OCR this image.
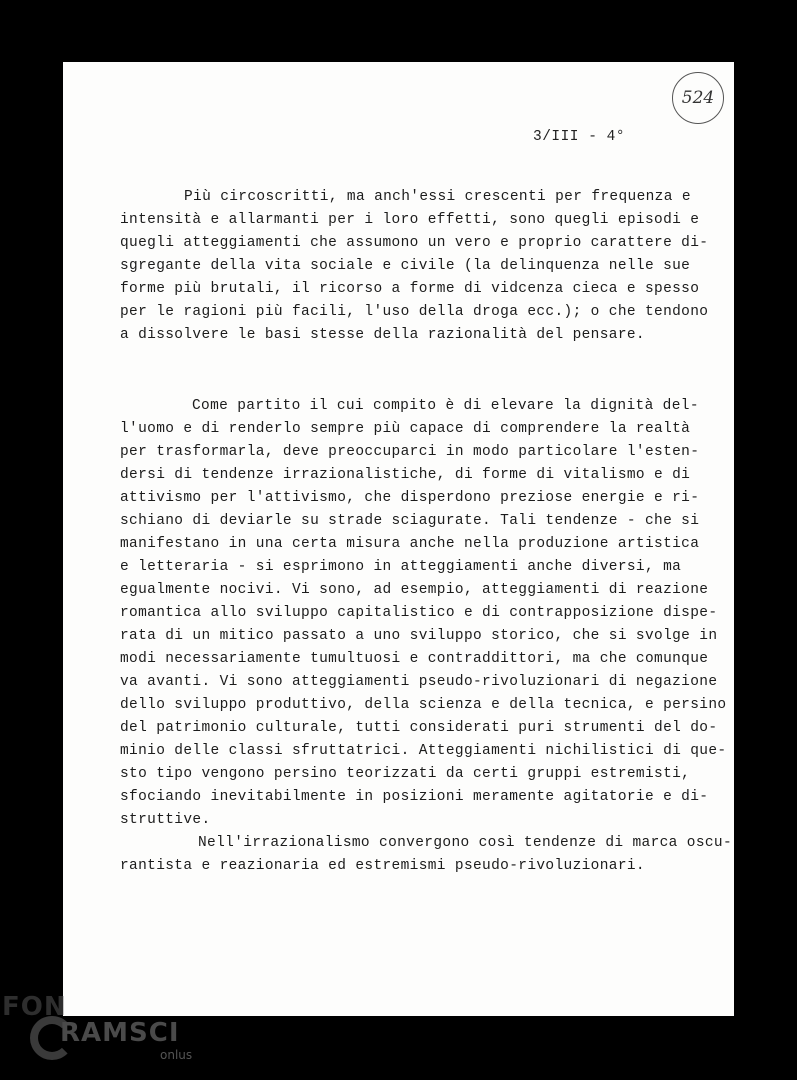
524
3/III - 4°
Più circoscritti, ma anch'essi crescenti per frequenza e
intensità e allarmanti per i loro effetti, sono quegli episodi e
quegli atteggiamenti che assumono un vero e proprio carattere di-
sgregante della vita sociale e civile (la delinquenza nelle sue
forme più brutali, il ricorso a forme di vidcenza cieca e spesso
per le ragioni più facili, l'uso della droga ecc.); o che tendono
a dissolvere le basi stesse della razionalità del pensare.
Come partito il cui compito è di elevare la dignità del-
l'uomo e di renderlo sempre più capace di comprendere la realtà
per trasformarla, deve preoccuparci in modo particolare l'esten-
dersi di tendenze irrazionalistiche, di forme di vitalismo e di
attivismo per l'attivismo, che disperdono preziose energie e ri-
schiano di deviarle su strade sciagurate. Tali tendenze - che si
manifestano in una certa misura anche nella produzione artistica
e letteraria - si esprimono in atteggiamenti anche diversi, ma
egualmente nocivi. Vi sono, ad esempio, atteggiamenti di reazione
romantica allo sviluppo capitalistico e di contrapposizione dispe-
rata di un mitico passato a uno sviluppo storico, che si svolge in
modi necessariamente tumultuosi e contraddittori, ma che comunque
va avanti. Vi sono atteggiamenti pseudo-rivoluzionari di negazione
dello sviluppo produttivo, della scienza e della tecnica, e persino
del patrimonio culturale, tutti considerati puri strumenti del do-
minio delle classi sfruttatrici. Atteggiamenti nichilistici di que-
sto tipo vengono persino teorizzati da certi gruppi estremisti,
sfociando inevitabilmente in posizioni meramente agitatorie e di-
struttive.
Nell'irrazionalismo convergono così tendenze di marca oscu-
rantista e reazionaria ed estremismi pseudo-rivoluzionari.
FON
RAMSCI
onlus
